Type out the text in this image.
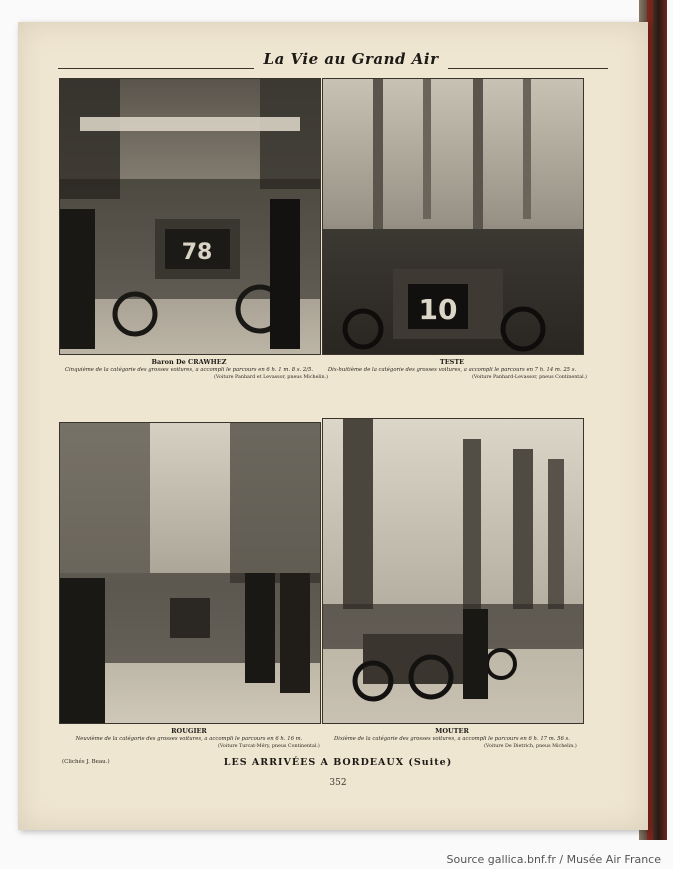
La Vie au Grand Air
78
Baron De CRAWHEZ
Cinquième de la catégorie des grosses voitures, a accompli le parcours en 6 h. 1 m. 8 s. 2/5.
(Voiture Panhard et Levassor, pneus Michelin.)
10
TESTE
Dix-huitième de la catégorie des grosses voitures, a accompli le parcours en 7 h. 14 m. 25 s.
(Voiture Panhard-Levassor, pneus Continental.)
ROUGIER
Neuvième de la catégorie des grosses voitures, a accompli le parcours en 6 h. 16 m.
(Voiture Turcat-Méry, pneus Continental.)
MOUTER
Dixième de la catégorie des grosses voitures, a accompli le parcours en 6 h. 17 m. 56 s.
(Voiture De Dietrich, pneus Michelin.)
(Clichés J. Beau.)	LES ARRIVÉES A BORDEAUX (Suite)
352
Source gallica.bnf.fr / Musée Air France
